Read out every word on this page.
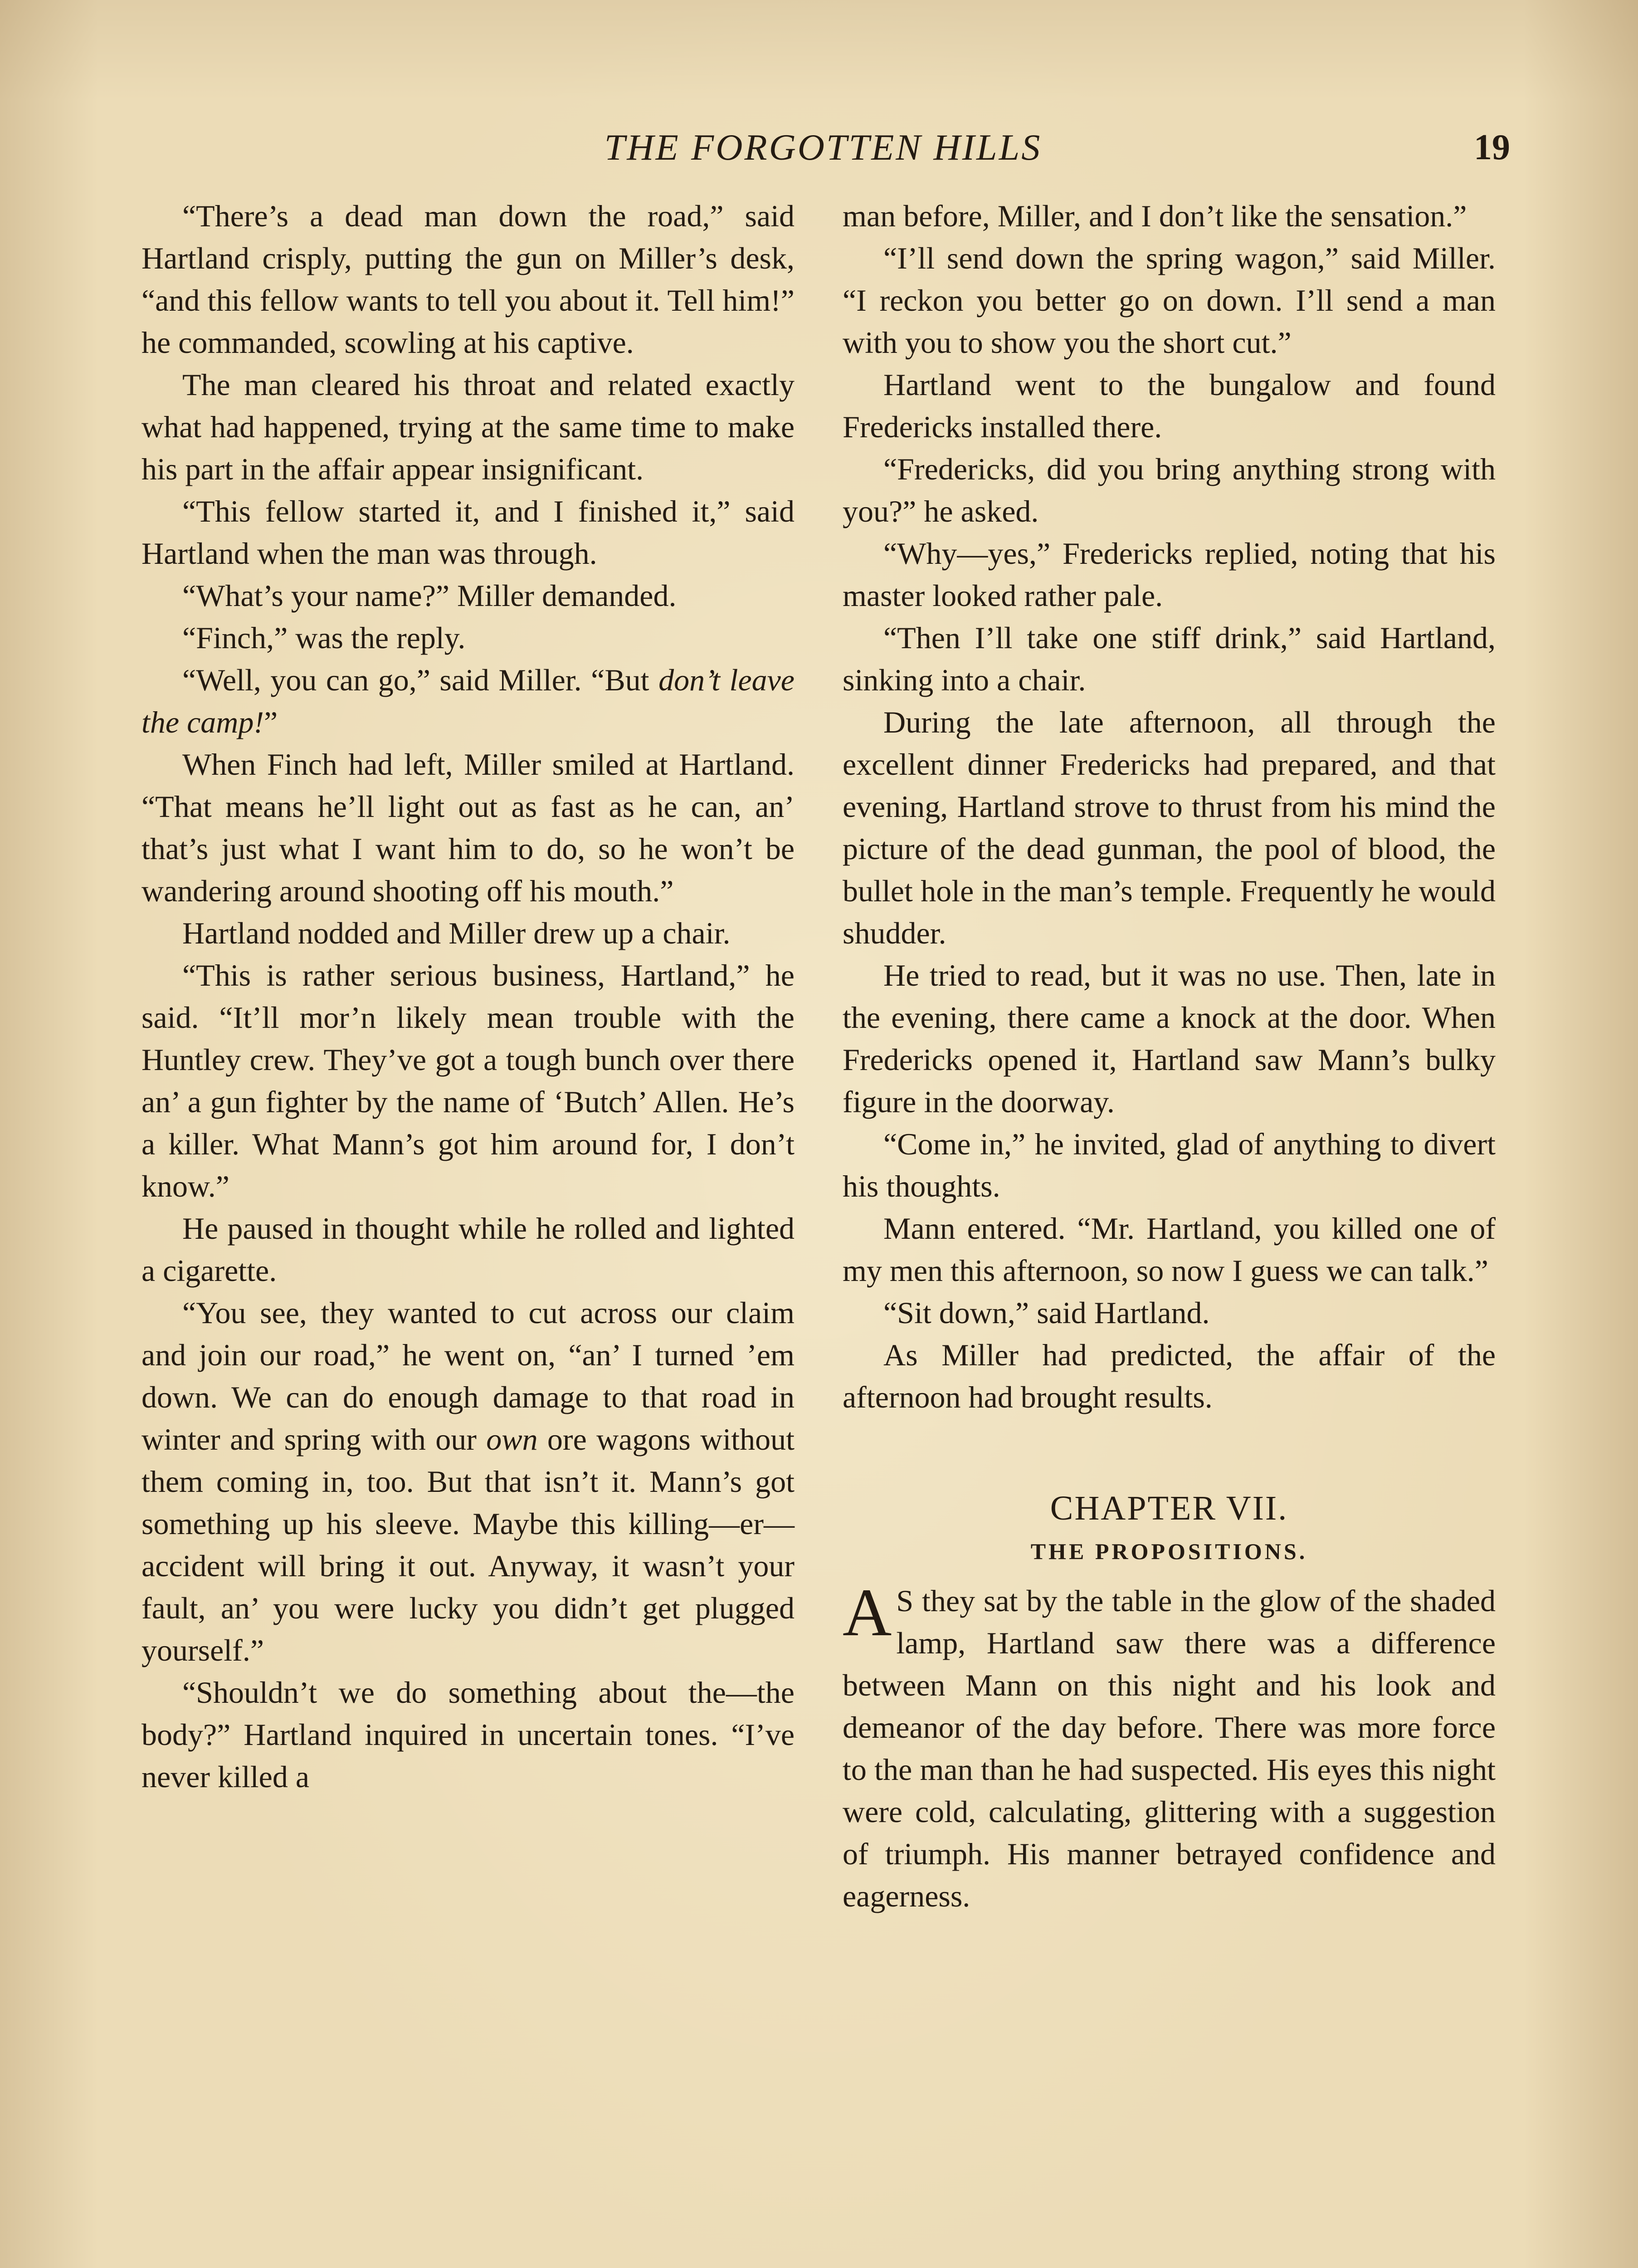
THE FORGOTTEN HILLS	19

“There’s a dead man down the road,” said Hartland crisply, putting the gun on Miller’s desk, “and this fellow wants to tell you about it. Tell him!” he commanded, scowling at his captive.

The man cleared his throat and related exactly what had happened, trying at the same time to make his part in the affair appear insignificant.

“This fellow started it, and I finished it,” said Hartland when the man was through.

“What’s your name?” Miller demanded.

“Finch,” was the reply.

“Well, you can go,” said Miller. “But don’t leave the camp!”

When Finch had left, Miller smiled at Hartland. “That means he’ll light out as fast as he can, an’ that’s just what I want him to do, so he won’t be wandering around shooting off his mouth.”

Hartland nodded and Miller drew up a chair.

“This is rather serious business, Hartland,” he said. “It’ll mor’n likely mean trouble with the Huntley crew. They’ve got a tough bunch over there an’ a gun fighter by the name of ‘Butch’ Allen. He’s a killer. What Mann’s got him around for, I don’t know.”

He paused in thought while he rolled and lighted a cigarette.

“You see, they wanted to cut across our claim and join our road,” he went on, “an’ I turned ’em down. We can do enough damage to that road in winter and spring with our own ore wagons without them coming in, too. But that isn’t it. Mann’s got something up his sleeve. Maybe this killing—er—accident will bring it out. Anyway, it wasn’t your fault, an’ you were lucky you didn’t get plugged yourself.”

“Shouldn’t we do something about the—the body?” Hartland inquired in uncertain tones. “I’ve never killed a

man before, Miller, and I don’t like the sensation.”

“I’ll send down the spring wagon,” said Miller. “I reckon you better go on down. I’ll send a man with you to show you the short cut.”

Hartland went to the bungalow and found Fredericks installed there.

“Fredericks, did you bring anything strong with you?” he asked.

“Why—yes,” Fredericks replied, noting that his master looked rather pale.

“Then I’ll take one stiff drink,” said Hartland, sinking into a chair.

During the late afternoon, all through the excellent dinner Fredericks had prepared, and that evening, Hartland strove to thrust from his mind the picture of the dead gunman, the pool of blood, the bullet hole in the man’s temple. Frequently he would shudder.

He tried to read, but it was no use. Then, late in the evening, there came a knock at the door. When Fredericks opened it, Hartland saw Mann’s bulky figure in the doorway.

“Come in,” he invited, glad of anything to divert his thoughts.

Mann entered. “Mr. Hartland, you killed one of my men this afternoon, so now I guess we can talk.”

“Sit down,” said Hartland.

As Miller had predicted, the affair of the afternoon had brought results.

CHAPTER VII.
THE PROPOSITIONS.

A S they sat by the table in the glow of the shaded lamp, Hartland saw there was a difference between Mann on this night and his look and demeanor of the day before. There was more force to the man than he had suspected. His eyes this night were cold, calculating, glittering with a suggestion of triumph. His manner betrayed confidence and eagerness.
